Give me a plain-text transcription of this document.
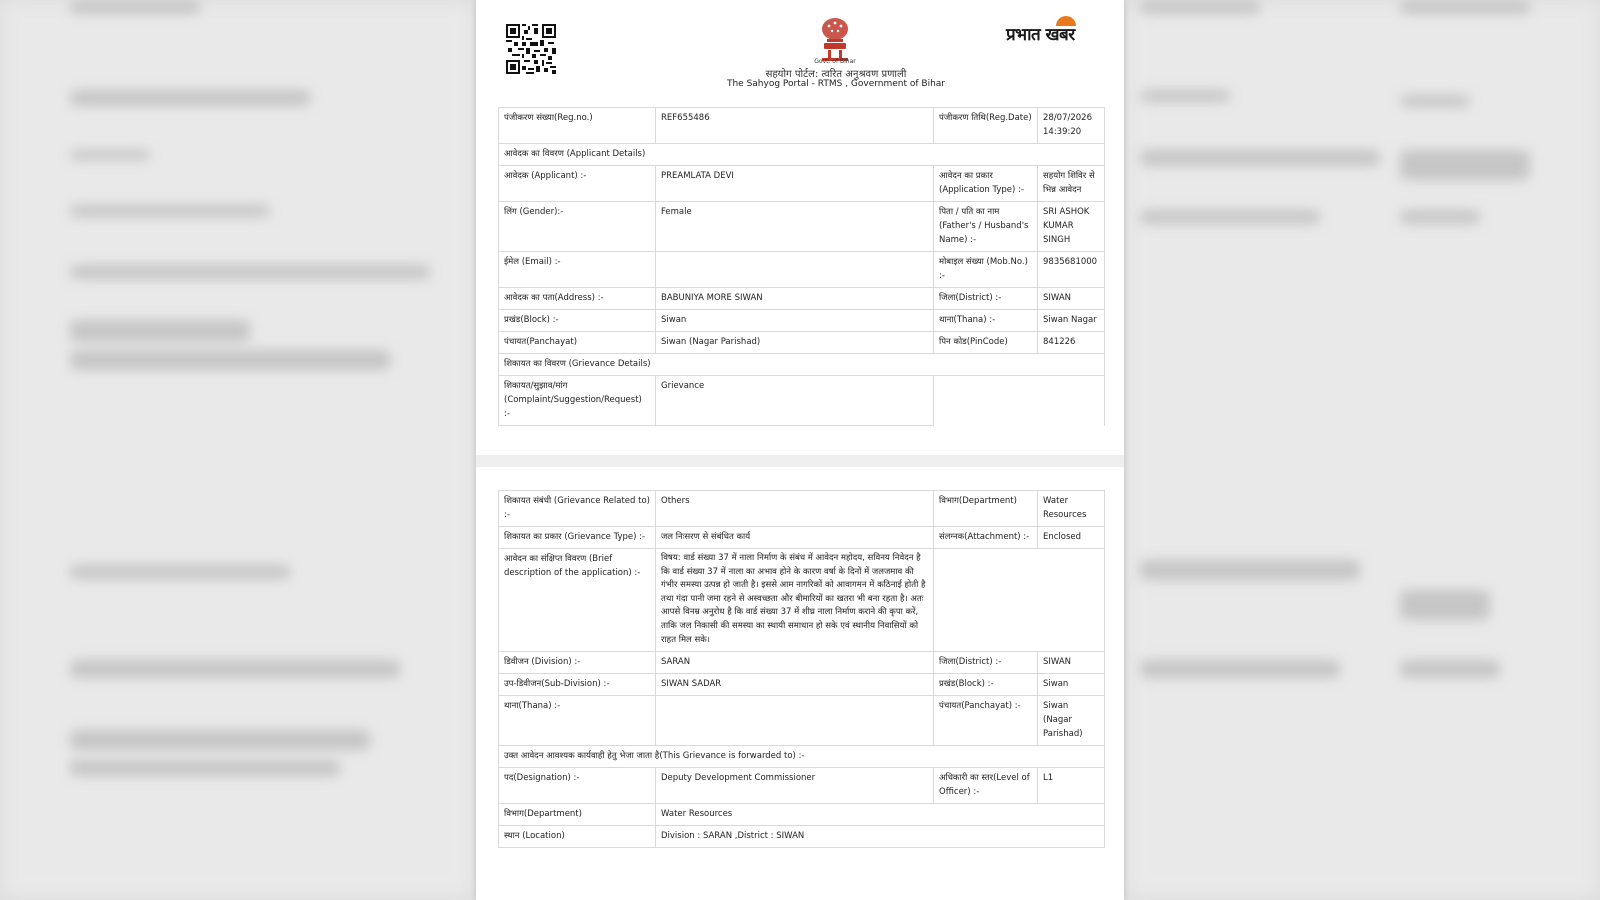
Govt. of Bihar
सहयोग पोर्टल: त्वरित अनुश्रवण प्रणाली
The Sahyog Portal - RTMS , Government of Bihar
प्रभात खबर
पंजीकरण संख्या(Reg.no.)	REF655486	पंजीकरण तिथि(Reg.Date)	28/07/2026 14:39:20
आवेदक का विवरण (Applicant Details)			
आवेदक (Applicant) :-	PREAMLATA DEVI	आवेदन का प्रकार (Application Type) :-	सहयोग शिविर से भिन्न आवेदन
लिंग (Gender):-	Female	पिता / पति का नाम (Father's / Husband's Name) :-	SRI ASHOK KUMAR SINGH
ईमेल (Email) :-		मोबाइल संख्या (Mob.No.) :-	9835681000
आवेदक का पता(Address) :-	BABUNIYA MORE SIWAN	जिला(District) :-	SIWAN
प्रखंड(Block) :-	Siwan	थाना(Thana) :-	Siwan Nagar
पंचायत(Panchayat)	Siwan (Nagar Parishad)	पिन कोड(PinCode)	841226
शिकायत का विवरण (Grievance Details)			
शिकायत/सुझाव/मांग (Complaint/Suggestion/Request) :-	Grievance		
शिकायत संबंधी (Grievance Related to) :-	Others	विभाग(Department)	Water Resources
शिकायत का प्रकार (Grievance Type) :-	जल निःसरण से संबंधित कार्य	संलग्नक(Attachment) :-	Enclosed
आवेदन का संक्षिप्त विवरण (Brief description of the application) :-	विषय: वार्ड संख्या 37 में नाला निर्माण के संबंध में आवेदन महोदय, सविनय निवेदन है कि वार्ड संख्या 37 में नाला का अभाव होने के कारण वर्षा के दिनों में जलजमाव की गंभीर समस्या उत्पन्न हो जाती है। इससे आम नागरिकों को आवागमन में कठिनाई होती है तथा गंदा पानी जमा रहने से अस्वच्छता और बीमारियों का खतरा भी बना रहता है। अतः आपसे विनम्र अनुरोध है कि वार्ड संख्या 37 में शीघ्र नाला निर्माण कराने की कृपा करें, ताकि जल निकासी की समस्या का स्थायी समाधान हो सके एवं स्थानीय निवासियों को राहत मिल सके।		
डिवीजन (Division) :-	SARAN	जिला(District) :-	SIWAN
उप-डिवीजन(Sub-Division) :-	SIWAN SADAR	प्रखंड(Block) :-	Siwan
थाना(Thana) :-		पंचायत(Panchayat) :-	Siwan (Nagar Parishad)
उक्त आवेदन आवश्यक कार्यवाही हेतु भेजा जाता है(This Grievance is forwarded to) :-			
पद(Designation) :-	Deputy Development Commissioner	अधिकारी का स्तर(Level of Officer) :-	L1
विभाग(Department)	Water Resources		
स्थान (Location)	Division : SARAN ,District : SIWAN		
